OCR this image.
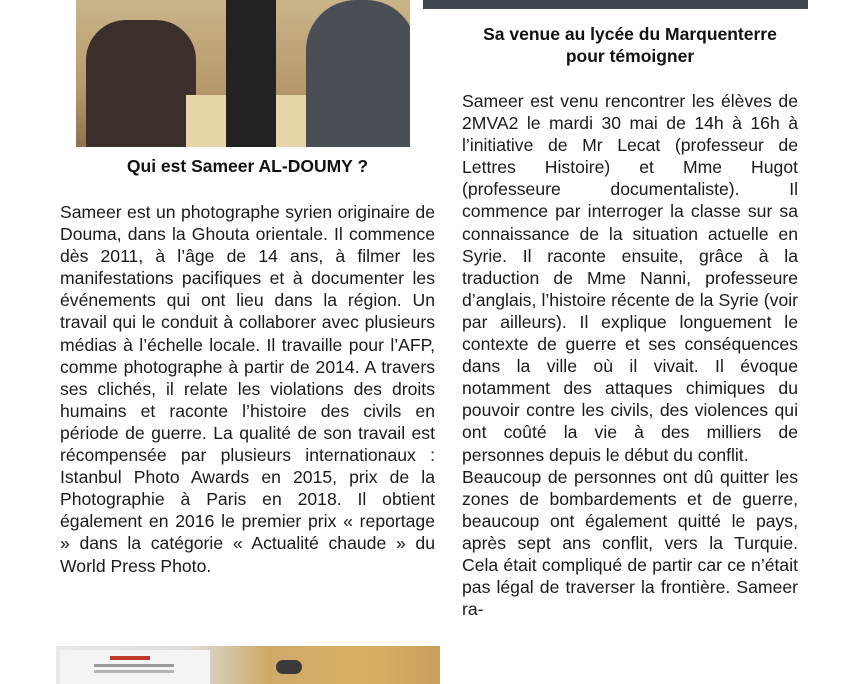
Qui est Sameer AL-DOUMY ?

Sameer est un photographe syrien originaire de Douma, dans la Ghouta orientale. Il commence dès 2011, à l’âge de 14 ans, à filmer les manifestations pacifiques et à documenter les événements qui ont lieu dans la région. Un travail qui le conduit à collaborer avec plusieurs médias à l’échelle locale. Il travaille pour l’AFP, comme photographe à partir de 2014. A travers ses clichés, il relate les violations des droits humains et raconte l’histoire des civils en période de guerre. La qualité de son travail est récompensée par plusieurs internationaux : Istanbul Photo Awards en 2015, prix de la Photographie à Paris en 2018. Il obtient également en 2016 le premier prix « reportage » dans la catégorie « Actualité chaude » du World Press Photo.

Sa venue au lycée du Marquenterre pour témoigner

Sameer est venu rencontrer les élèves de 2MVA2 le mardi 30 mai de 14h à 16h à l’initiative de Mr Lecat (professeur de Lettres Histoire) et Mme Hugot (professeure documentaliste). Il commence par interroger la classe sur sa connaissance de la situation actuelle en Syrie. Il raconte ensuite, grâce à la traduction de Mme Nanni, professeure d’anglais, l’histoire récente de la Syrie (voir par ailleurs). Il explique longuement le contexte de guerre et ses conséquences dans la ville où il vivait. Il évoque notamment des attaques chimiques du pouvoir contre les civils, des violences qui ont coûté la vie à des milliers de personnes depuis le début du conflit.

Beaucoup de personnes ont dû quitter les zones de bombardements et de guerre, beaucoup ont également quitté le pays, après sept ans conflit, vers la Turquie. Cela était compliqué de partir car ce n’était pas légal de traverser la frontière. Sameer ra-
